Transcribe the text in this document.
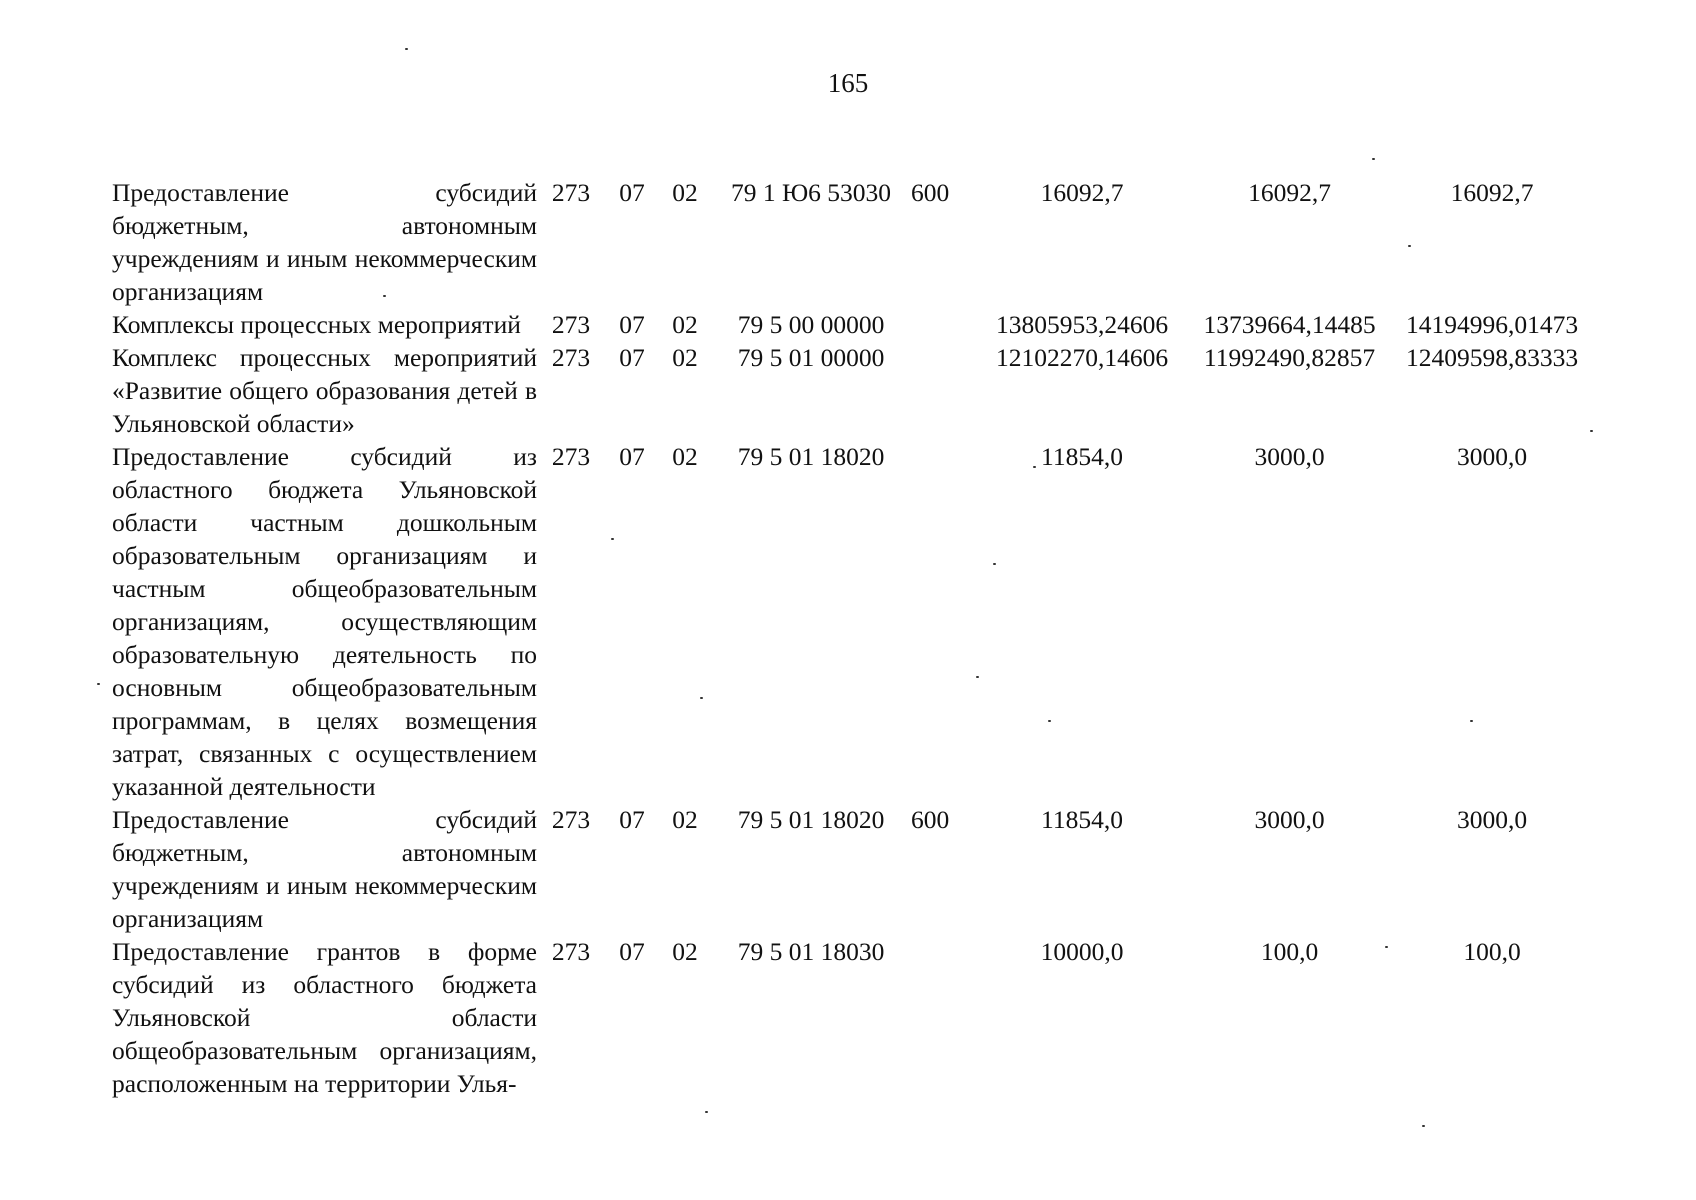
165
Предоставление субсидий бюджетным, автономным учреждениям и иным некоммерческим организациям	273	07	02	79 1 Ю6 53030	600	16092,7	16092,7	16092,7
Комплексы процессных мероприятий	273	07	02	79 5 00 00000		13805953,24606	13739664,14485	14194996,01473
Комплекс процессных мероприятий «Развитие общего образования детей в Ульяновской области»	273	07	02	79 5 01 00000		12102270,14606	11992490,82857	12409598,83333
Предоставление субсидий из областного бюджета Ульяновской области частным дошкольным образовательным организациям и частным общеобразовательным организациям, осуществляющим образовательную деятельность по основным общеобразовательным программам, в целях возмещения затрат, связанных с осуществлением указанной деятельности	273	07	02	79 5 01 18020		11854,0	3000,0	3000,0
Предоставление субсидий бюджетным, автономным учреждениям и иным некоммерческим организациям	273	07	02	79 5 01 18020	600	11854,0	3000,0	3000,0
Предоставление грантов в форме субсидий из областного бюджета Ульяновской области общеобразовательным организациям, расположенным на территории Улья-	273	07	02	79 5 01 18030		10000,0	100,0	100,0
